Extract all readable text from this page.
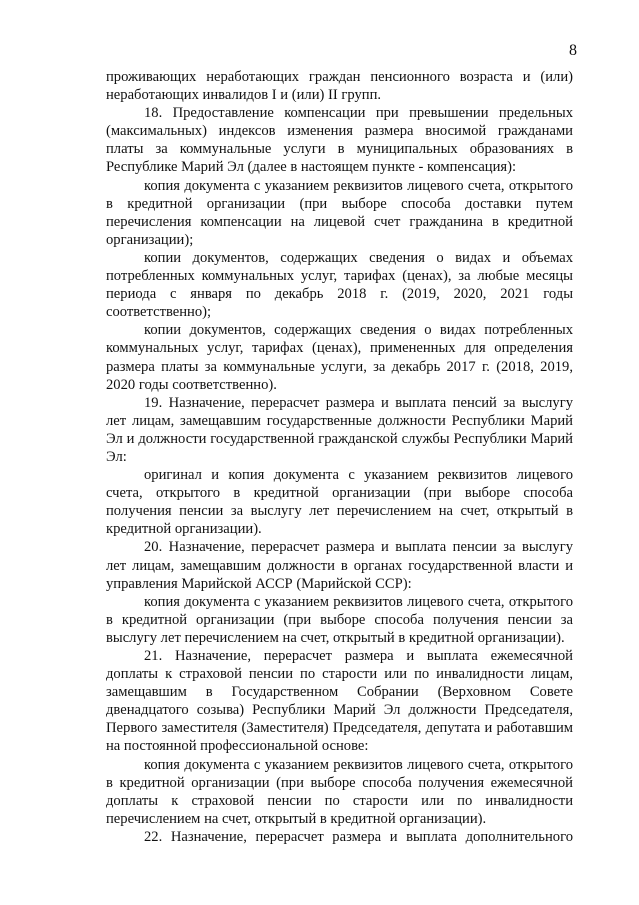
8

проживающих неработающих граждан пенсионного возраста и (или) неработающих инвалидов I и (или) II групп.

18. Предоставление компенсации при превышении предельных (максимальных) индексов изменения размера вносимой гражданами платы за коммунальные услуги в муниципальных образованиях в Республике Марий Эл (далее в настоящем пункте - компенсация):

копия документа с указанием реквизитов лицевого счета, открытого в кредитной организации (при выборе способа доставки путем перечисления компенсации на лицевой счет гражданина в кредитной организации);

копии документов, содержащих сведения о видах и объемах потребленных коммунальных услуг, тарифах (ценах), за любые месяцы периода с января по декабрь 2018 г. (2019, 2020, 2021 годы соответственно);

копии документов, содержащих сведения о видах потребленных коммунальных услуг, тарифах (ценах), примененных для определения размера платы за коммунальные услуги, за декабрь 2017 г. (2018, 2019, 2020 годы соответственно).

19. Назначение, перерасчет размера и выплата пенсий за выслугу лет лицам, замещавшим государственные должности Республики Марий Эл и должности государственной гражданской службы Республики Марий Эл:

оригинал и копия документа с указанием реквизитов лицевого счета, открытого в кредитной организации (при выборе способа получения пенсии за выслугу лет перечислением на счет, открытый в кредитной организации).

20. Назначение, перерасчет размера и выплата пенсии за выслугу лет лицам, замещавшим должности в органах государственной власти и управления Марийской АССР (Марийской ССР):

копия документа с указанием реквизитов лицевого счета, открытого в кредитной организации (при выборе способа получения пенсии за выслугу лет перечислением на счет, открытый в кредитной организации).

21. Назначение, перерасчет размера и выплата ежемесячной доплаты к страховой пенсии по старости или по инвалидности лицам, замещавшим в Государственном Собрании (Верховном Совете двенадцатого созыва) Республики Марий Эл должности Председателя, Первого заместителя (Заместителя) Председателя, депутата и работавшим на постоянной профессиональной основе:

копия документа с указанием реквизитов лицевого счета, открытого в кредитной организации (при выборе способа получения ежемесячной доплаты к страховой пенсии по старости или по инвалидности перечислением на счет, открытый в кредитной организации).

22. Назначение, перерасчет размера и выплата дополнительного
